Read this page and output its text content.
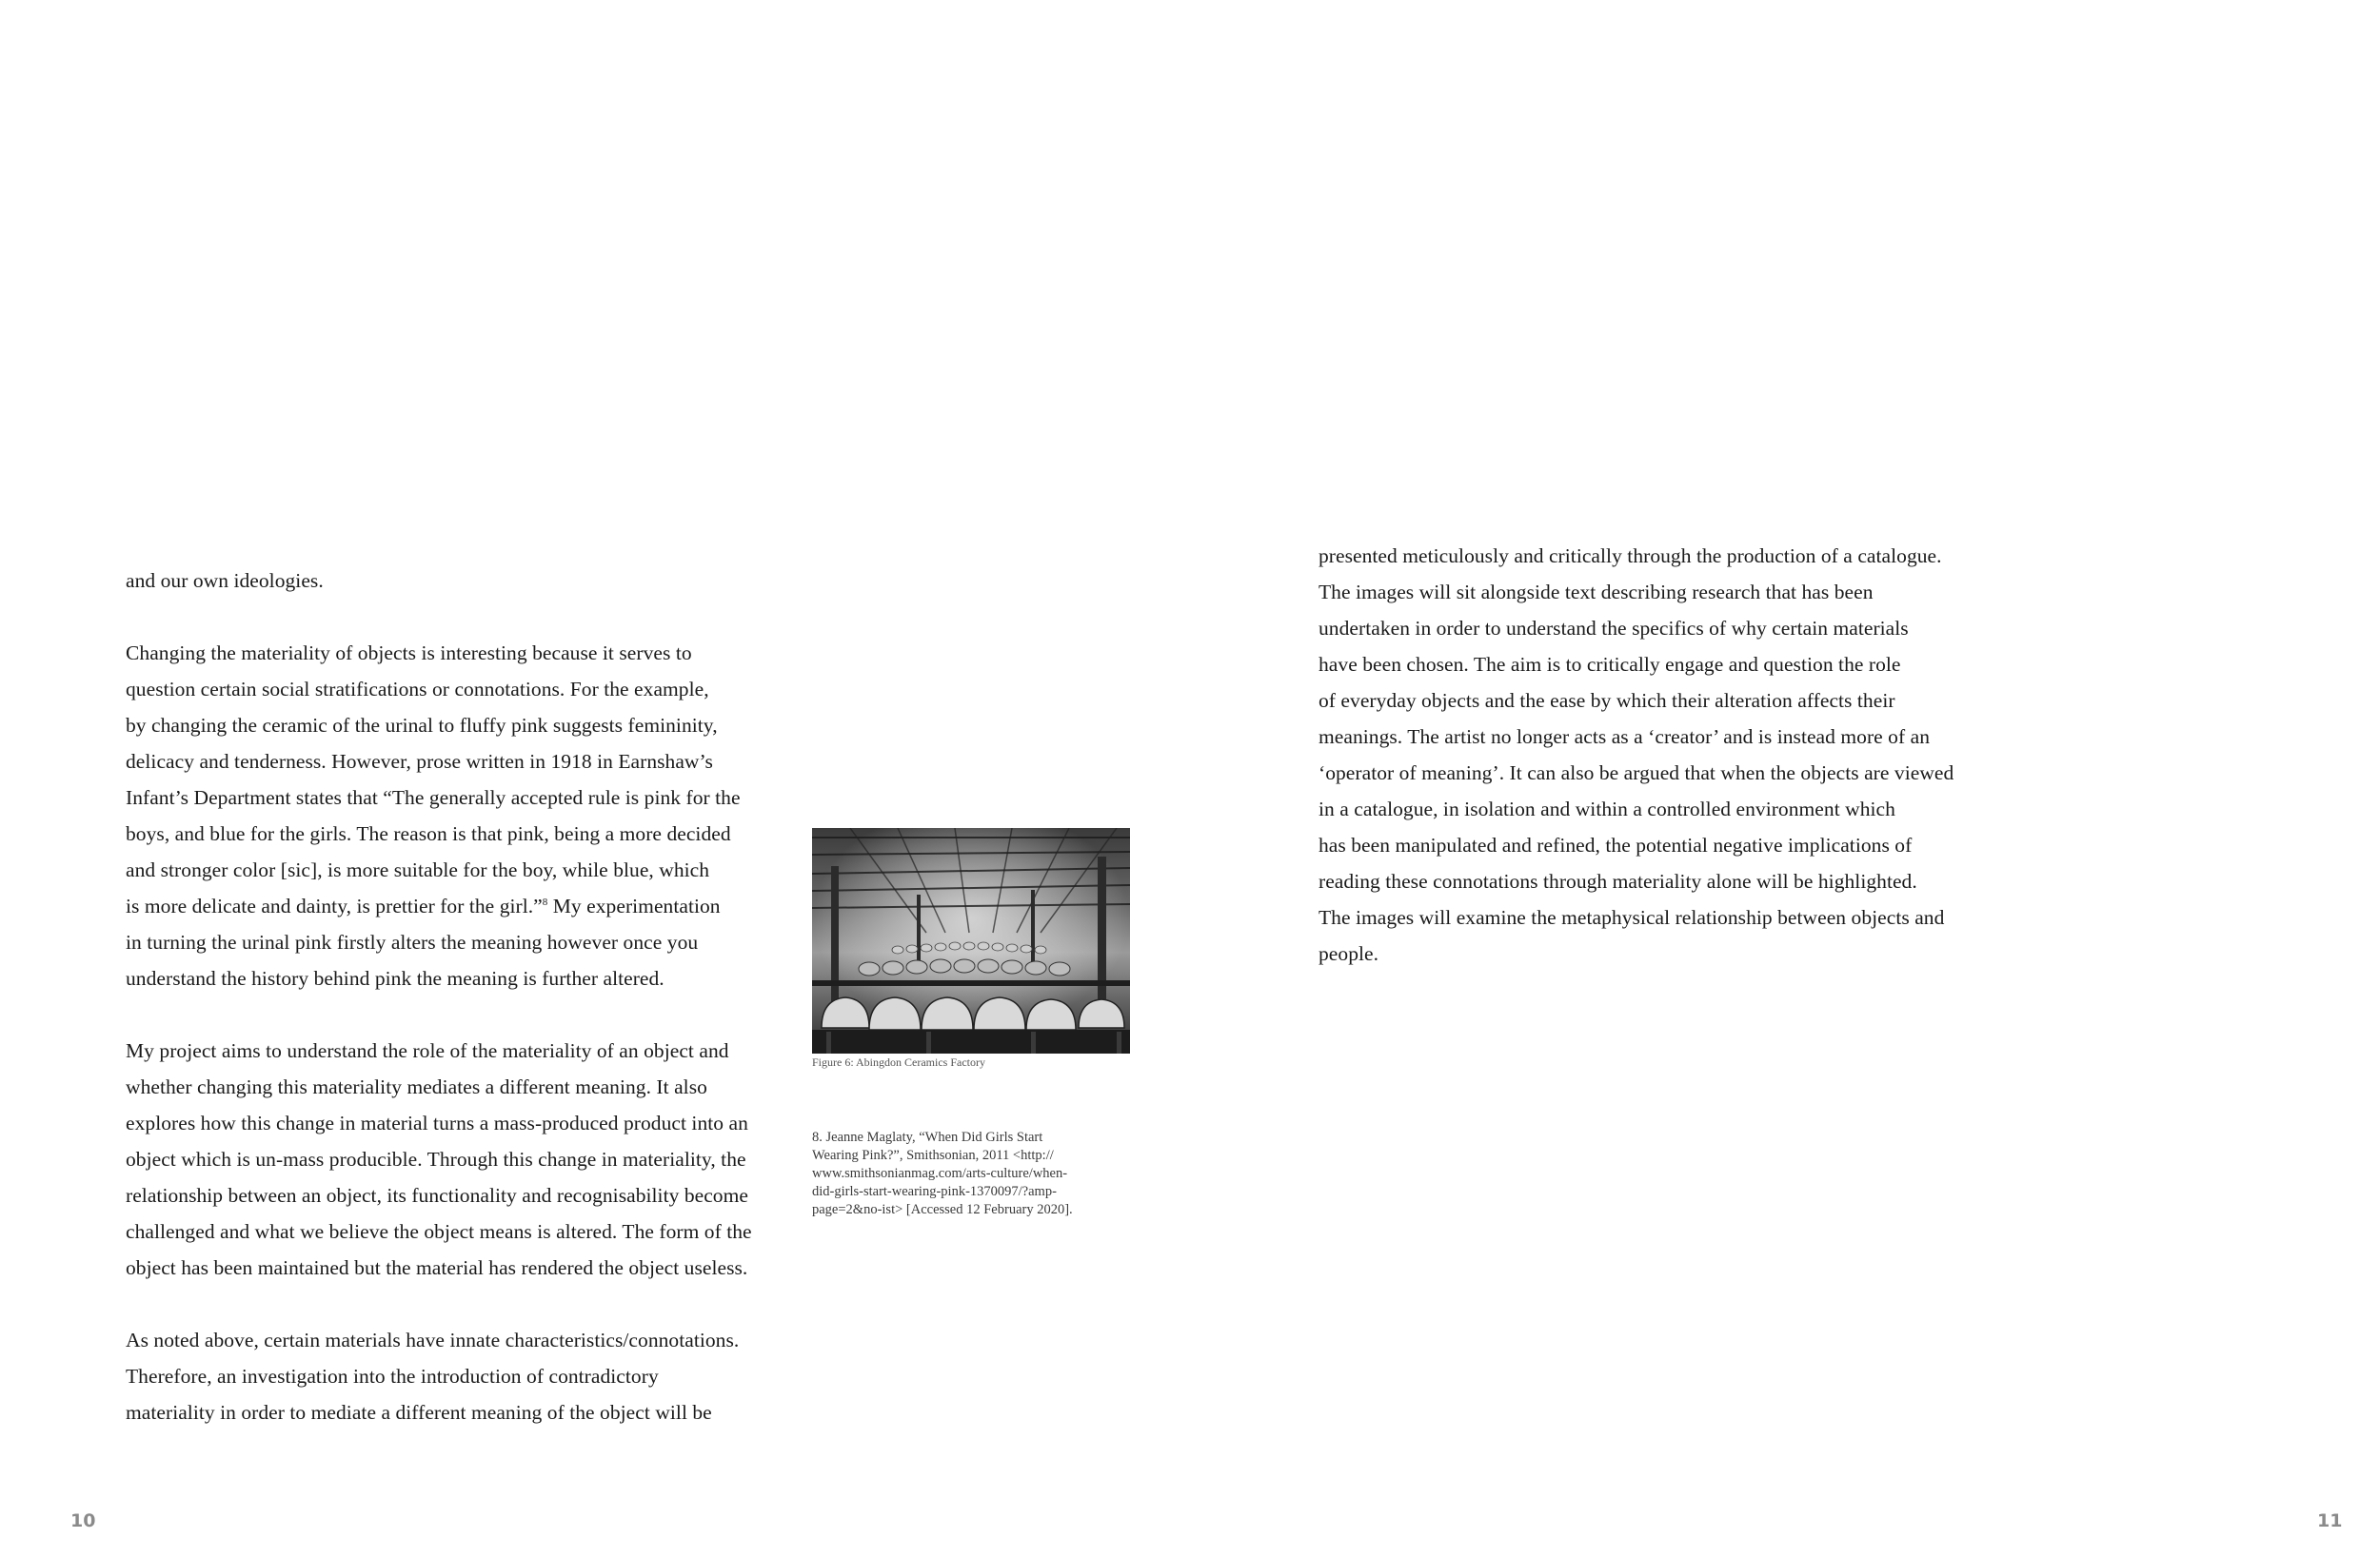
and our own ideologies.
Changing the materiality of objects is interesting because it serves to
question certain social stratifications or connotations. For the example,
by changing the ceramic of the urinal to fluffy pink suggests femininity,
delicacy and tenderness. However, prose written in 1918 in Earnshaw’s
Infant’s Department states that “The generally accepted rule is pink for the
boys, and blue for the girls. The reason is that pink, being a more decided
and stronger color [sic], is more suitable for the boy, while blue, which
is more delicate and dainty, is prettier for the girl.”$^8$ My experimentation
in turning the urinal pink firstly alters the meaning however once you
understand the history behind pink the meaning is further altered.
My project aims to understand the role of the materiality of an object and
whether changing this materiality mediates a different meaning. It also
explores how this change in material turns a mass-produced product into an
object which is un-mass producible. Through this change in materiality, the
relationship between an object, its functionality and recognisability become
challenged and what we believe the object means is altered. The form of the
object has been maintained but the material has rendered the object useless.
As noted above, certain materials have innate characteristics/connotations.
Therefore, an investigation into the introduction of contradictory
materiality in order to mediate a different meaning of the object will be
Figure 6: Abingdon Ceramics Factory
8. Jeanne Maglaty, “When Did Girls Start
Wearing Pink?”, Smithsonian, 2011 <http://
www.smithsonianmag.com/arts-culture/when-
did-girls-start-wearing-pink-1370097/?amp-
page=2&no-ist> [Accessed 12 February 2020].
presented meticulously and critically through the production of a catalogue.
The images will sit alongside text describing research that has been
undertaken in order to understand the specifics of why certain materials
have been chosen. The aim is to critically engage and question the role
of everyday objects and the ease by which their alteration affects their
meanings. The artist no longer acts as a ‘creator’ and is instead more of an
‘operator of meaning’. It can also be argued that when the objects are viewed
in a catalogue, in isolation and within a controlled environment which
has been manipulated and refined, the potential negative implications of
reading these connotations through materiality alone will be highlighted.
The images will examine the metaphysical relationship between objects and
people.
10	11
